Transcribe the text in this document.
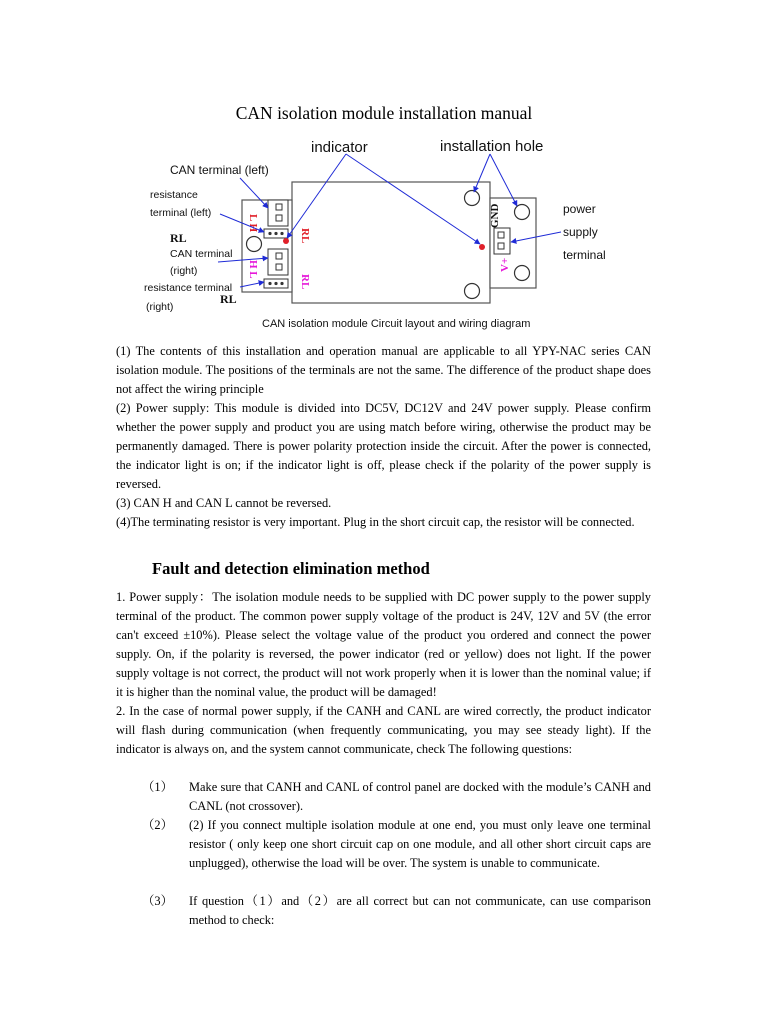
CAN isolation module installation manual
L H
RL
H L
RL
GND
V+
indicator	installation hole
CAN terminal (left)
resistance
terminal (left)
RL
CAN terminal
(right)
resistance terminal
RL
(right)
power
supply
terminal
CAN isolation module Circuit layout and wiring diagram

(1) The contents of this installation and operation manual are applicable to all YPY-NAC series CAN isolation module. The positions of the terminals are not the same. The difference of the product shape does not affect the wiring principle

(2) Power supply: This module is divided into DC5V, DC12V and 24V power supply. Please confirm whether the power supply and product you are using match before wiring, otherwise the product may be permanently damaged. There is power polarity protection inside the circuit. After the power is connected, the indicator light is on; if the indicator light is off, please check if the polarity of the power supply is reversed.

(3) CAN H and CAN L cannot be reversed.

(4)The terminating resistor is very important. Plug in the short circuit cap, the resistor will be connected.

Fault and detection elimination method

1. Power supply：The isolation module needs to be supplied with DC power supply to the power supply terminal of the product. The common power supply voltage of the product is 24V, 12V and 5V (the error can't exceed ±10%). Please select the voltage value of the product you ordered and connect the power supply. On, if the polarity is reversed, the power indicator (red or yellow) does not light. If the power supply voltage is not correct, the product will not work properly when it is lower than the nominal value; if it is higher than the nominal value, the product will be damaged!

2. In the case of normal power supply, if the CANH and CANL are wired correctly, the product indicator will flash during communication (when frequently communicating, you may see steady light). If the indicator is always on, and the system cannot communicate, check The following questions:

（1） Make sure that CANH and CANL of control panel are docked with the module’s CANH and CANL (not crossover).
（2） (2) If you connect multiple isolation module at one end, you must only leave one terminal resistor ( only keep one short circuit cap on one module, and all other short circuit caps are unplugged), otherwise the load will be over. The system is unable to communicate.
（3） If question（1）and（2）are all correct but can not communicate, can use comparison method to check:
